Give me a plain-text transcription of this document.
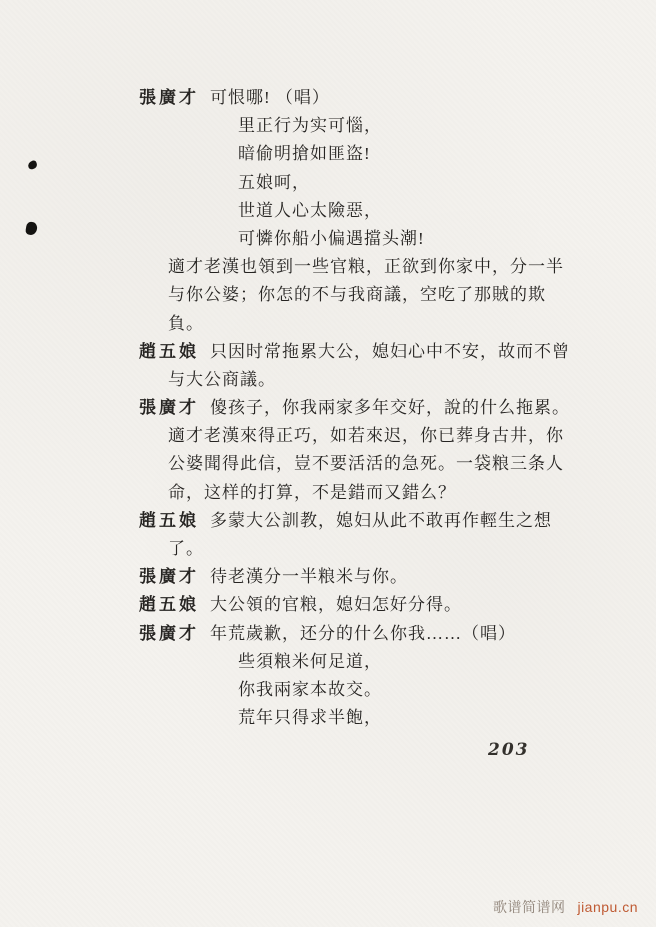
張廣才 可恨哪! （唱）
里正行为实可惱，
暗偷明搶如匪盗!
五娘呵，
世道人心太險惡，
可憐你船小偏遇擋头潮!
適才老漢也領到一些官粮，正欲到你家中，分一半
与你公婆；你怎的不与我商議，空吃了那賊的欺
負。
趙五娘 只因时常拖累大公，媳妇心中不安，故而不曾
与大公商議。
張廣才 傻孩子，你我兩家多年交好，說的什么拖累。
適才老漢來得正巧，如若來迟，你已葬身古井，你
公婆聞得此信，豈不要活活的急死。一袋粮三条人
命，这样的打算，不是錯而又錯么？
趙五娘 多蒙大公訓教，媳妇从此不敢再作輕生之想
了。
張廣才 待老漢分一半粮米与你。
趙五娘 大公領的官粮，媳妇怎好分得。
張廣才 年荒歲歉，还分的什么你我……（唱）
些須粮米何足道，
你我兩家本故交。
荒年只得求半飽，
203
歌谱简谱网 jianpu.cn
